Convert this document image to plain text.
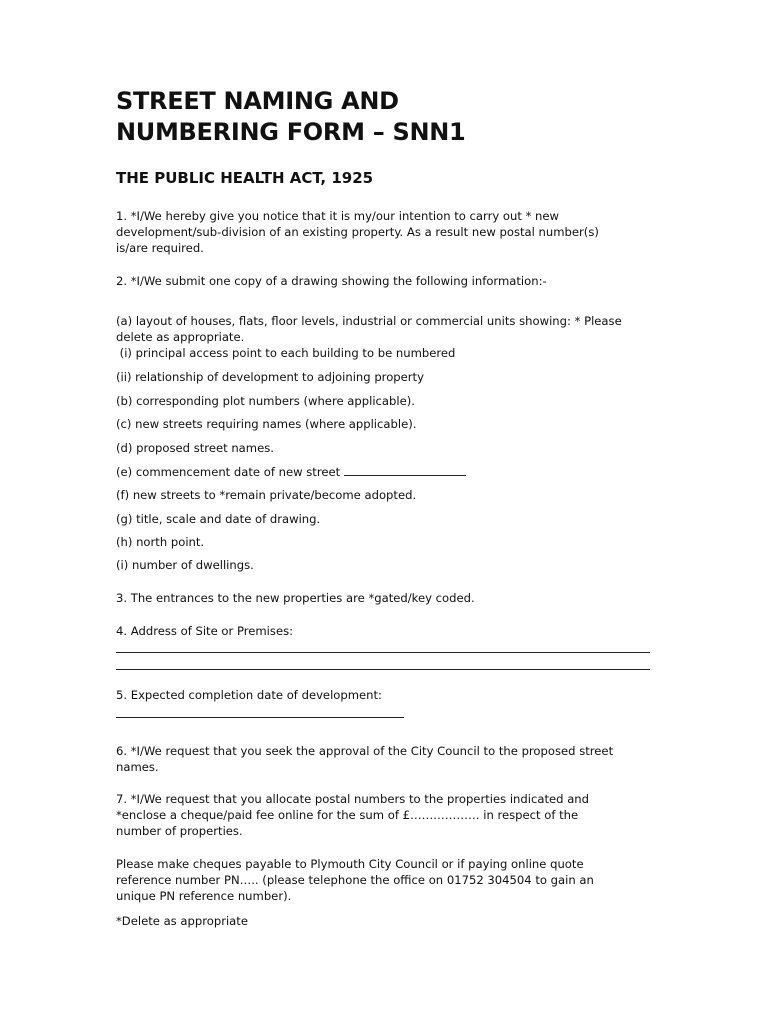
STREET NAMING AND
NUMBERING FORM – SNN1
THE PUBLIC HEALTH ACT, 1925

1. *I/We hereby give you notice that it is my/our intention to carry out * new
development/sub-division of an existing property. As a result new postal number(s)
is/are required.

2. *I/We submit one copy of a drawing showing the following information:-

(a) layout of houses, flats, floor levels, industrial or commercial units showing: * Please
delete as appropriate.
(i) principal access point to each building to be numbered

(ii) relationship of development to adjoining property
(b) corresponding plot numbers (where applicable).
(c) new streets requiring names (where applicable).
(d) proposed street names.
(e) commencement date of new street
(f) new streets to *remain private/become adopted.
(g) title, scale and date of drawing.
(h) north point.
(i) number of dwellings.

3. The entrances to the new properties are *gated/key coded.

4. Address of Site or Premises:

5. Expected completion date of development:

6. *I/We request that you seek the approval of the City Council to the proposed street
names.

7. *I/We request that you allocate postal numbers to the properties indicated and
*enclose a cheque/paid fee online for the sum of £……………… in respect of the
number of properties.

Please make cheques payable to Plymouth City Council or if paying online quote
reference number PN….. (please telephone the office on 01752 304504 to gain an
unique PN reference number).

*Delete as appropriate
